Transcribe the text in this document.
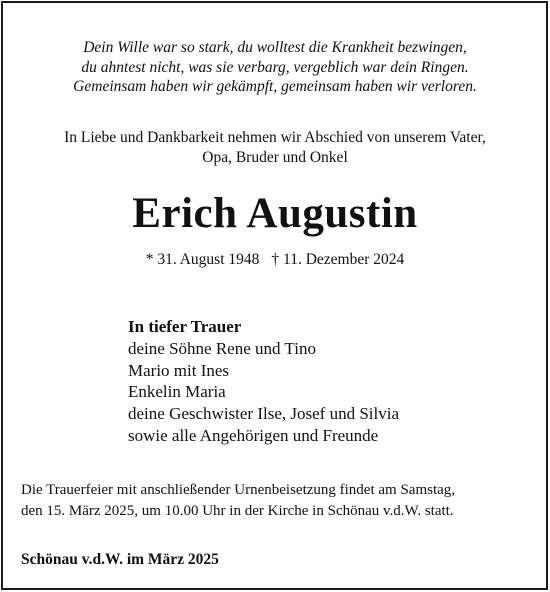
Dein Wille war so stark, du wolltest die Krankheit bezwingen,
du ahntest nicht, was sie verbarg, vergeblich war dein Ringen.
Gemeinsam haben wir gekämpft, gemeinsam haben wir verloren.
In Liebe und Dankbarkeit nehmen wir Abschied von unserem Vater,
Opa, Bruder und Onkel
Erich Augustin
* 31. August 1948 † 11. Dezember 2024
In tiefer Trauer
deine Söhne Rene und Tino
Mario mit Ines
Enkelin Maria
deine Geschwister Ilse, Josef und Silvia
sowie alle Angehörigen und Freunde
Die Trauerfeier mit anschließender Urnenbeisetzung findet am Samstag,
den 15. März 2025, um 10.00 Uhr in der Kirche in Schönau v.d.W. statt.
Schönau v.d.W. im März 2025
